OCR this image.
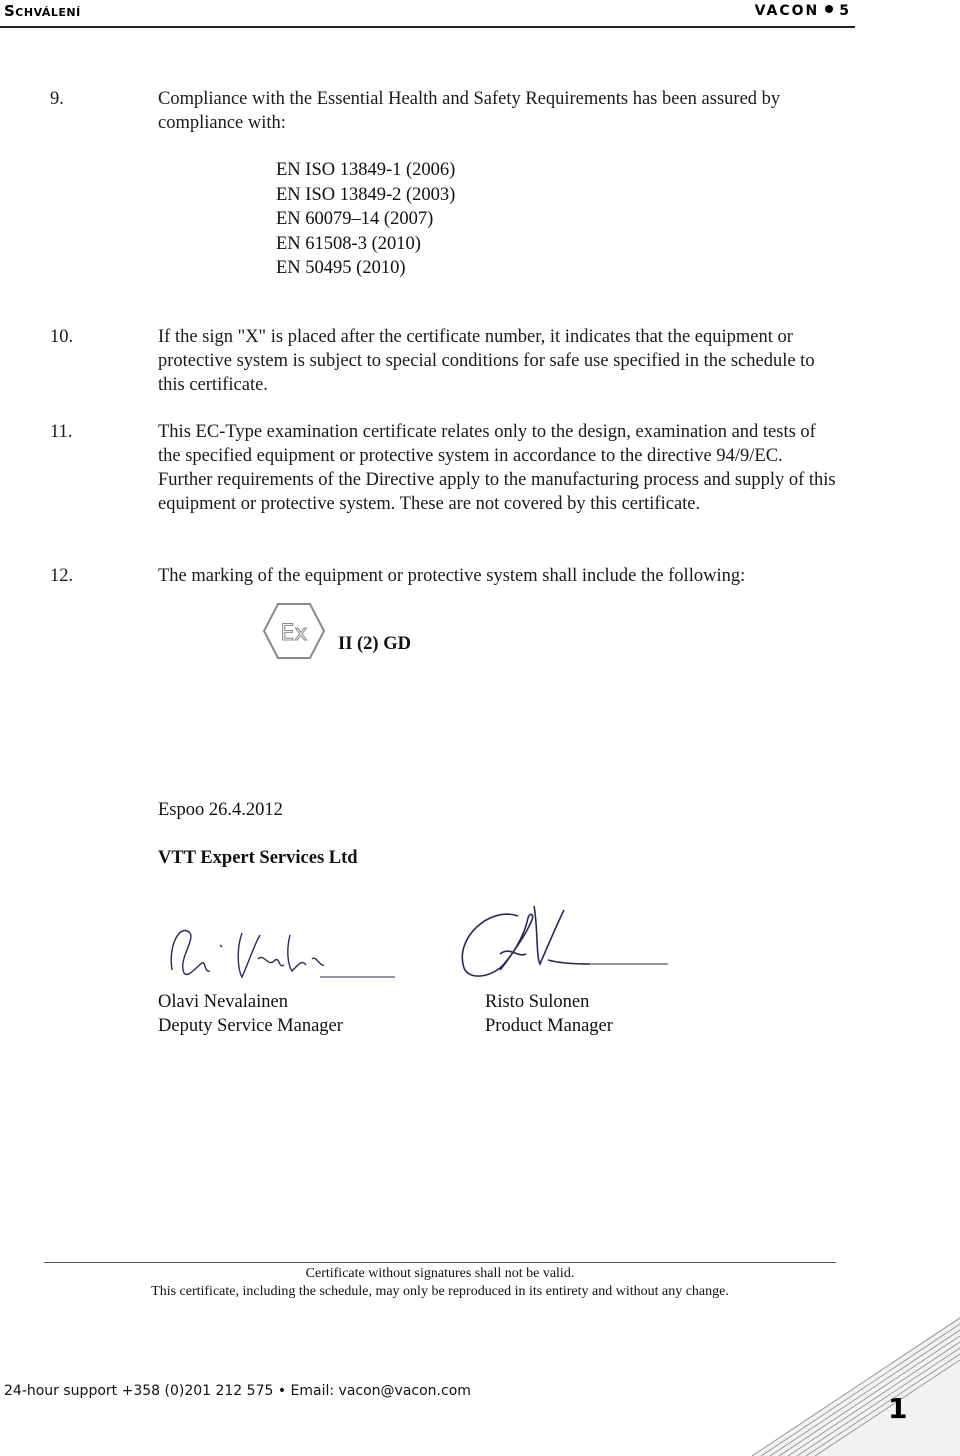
Schválení	VACON 5
9.	Compliance with the Essential Health and Safety Requirements has been assured by compliance with:

EN ISO 13849-1 (2006)
EN ISO 13849-2 (2003)
EN 60079–14 (2007)
EN 61508-3 (2010)
EN 50495 (2010)
10.	If the sign "X" is placed after the certificate number, it indicates that the equipment or protective system is subject to special conditions for safe use specified in the schedule to this certificate.

11.	This EC-Type examination certificate relates only to the design, examination and tests of the specified equipment or protective system in accordance to the directive 94/9/EC. Further requirements of the Directive apply to the manufacturing process and supply of this equipment or protective system. These are not covered by this certificate.

12.	The marking of the equipment or protective system shall include the following:

Ex II (2) GD
Espoo 26.4.2012
VTT Expert Services Ltd
Olavi Nevalainen
Deputy Service Manager
Risto Sulonen
Product Manager
Certificate without signatures shall not be valid.
This certificate, including the schedule, may only be reproduced in its entirety and without any change.
24-hour support +358 (0)201 212 575 • Email: vacon@vacon.com
1
